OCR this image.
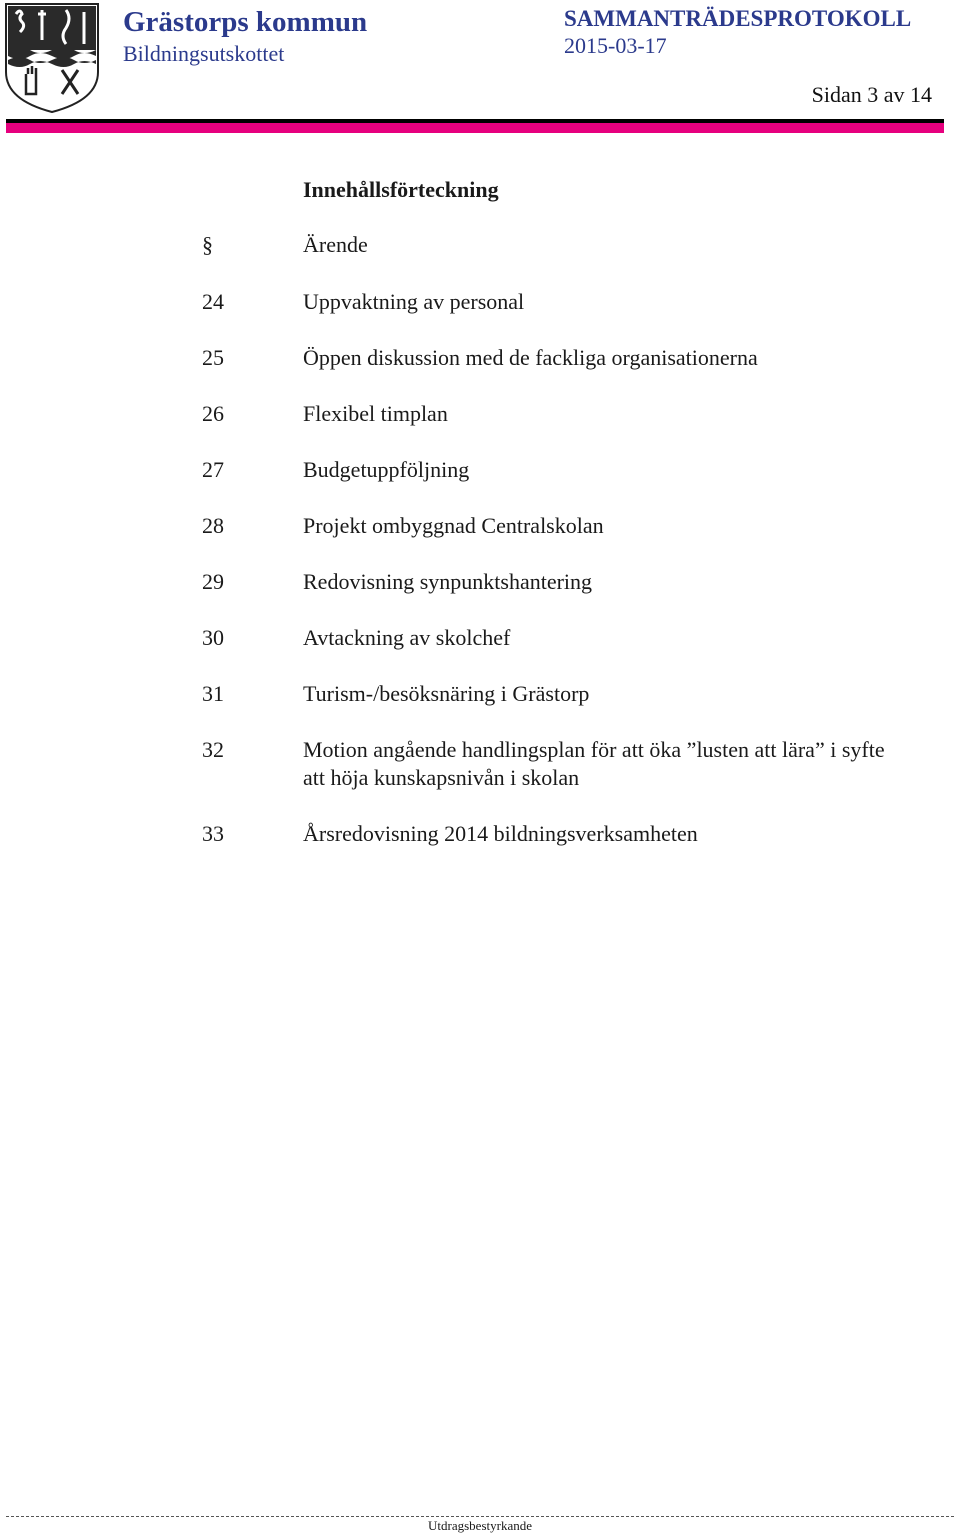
Grästorps kommun
Bildningsutskottet
SAMMANTRÄDESPROTOKOLL
2015-03-17
Sidan 3 av 14
Innehållsförteckning
§	Ärende
24	Uppvaktning av personal
25	Öppen diskussion med de fackliga organisationerna
26	Flexibel timplan
27	Budgetuppföljning
28	Projekt ombyggnad Centralskolan
29	Redovisning synpunktshantering
30	Avtackning av skolchef
31	Turism-/besöksnäring i Grästorp
32	Motion angående handlingsplan för att öka ”lusten att lära” i syfte att höja kunskapsnivån i skolan
33	Årsredovisning 2014 bildningsverksamheten
Utdragsbestyrkande
